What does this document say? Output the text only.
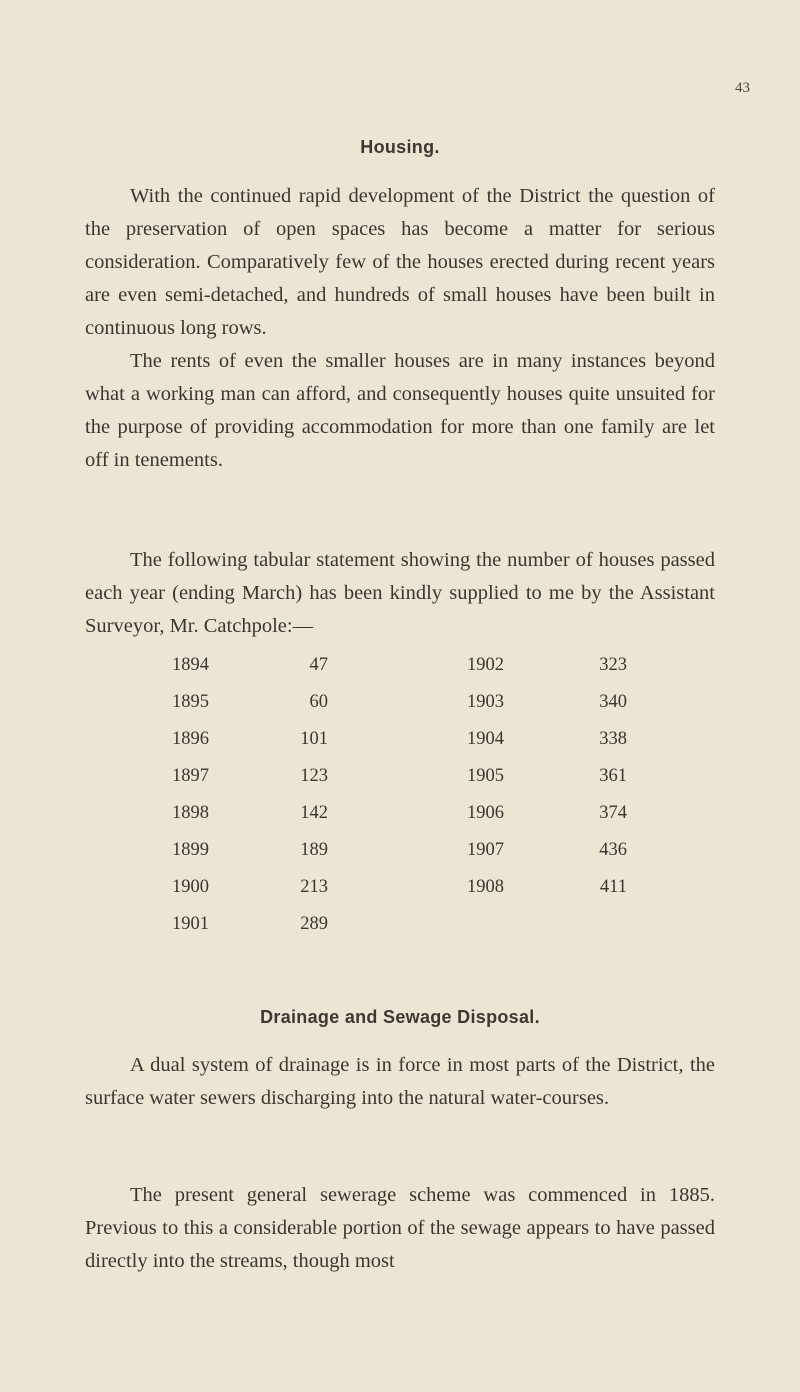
43
Housing.

With the continued rapid development of the District the question of the preservation of open spaces has become a matter for serious consideration. Comparatively few of the houses erected during recent years are even semi-detached, and hundreds of small houses have been built in continuous long rows.

The rents of even the smaller houses are in many instances beyond what a working man can afford, and consequently houses quite unsuited for the purpose of providing accommodation for more than one family are let off in tenements.

The following tabular statement showing the number of houses passed each year (ending March) has been kindly supplied to me by the Assistant Surveyor, Mr. Catchpole:—

1894	47
1895	60
1896	101
1897	123
1898	142
1899	189
1900	213
1901	289
1902	323
1903	340
1904	338
1905	361
1906	374
1907	436
1908	411
Drainage and Sewage Disposal.

A dual system of drainage is in force in most parts of the District, the surface water sewers discharging into the natural water-courses.

The present general sewerage scheme was commenced in 1885. Previous to this a considerable portion of the sewage appears to have passed directly into the streams, though most
